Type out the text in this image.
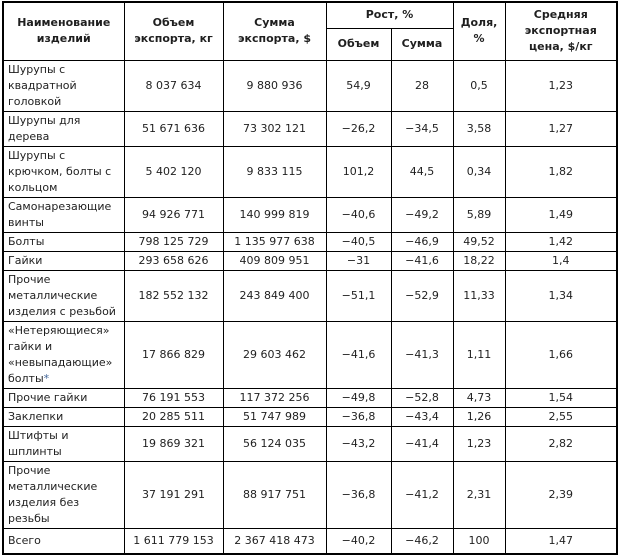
Наименование изделий	Объем экспорта, кг	Сумма экспорта, $	Рост, %		Доля, %	Средняя экспортная цена, $/кг
			Объем	Сумма		
Шурупы с квадратной головкой	8 037 634	9 880 936	54,9	28	0,5	1,23
Шурупы для дерева	51 671 636	73 302 121	−26,2	−34,5	3,58	1,27
Шурупы с крючком, болты с кольцом	5 402 120	9 833 115	101,2	44,5	0,34	1,82
Самонарезающие винты	94 926 771	140 999 819	−40,6	−49,2	5,89	1,49
Болты	798 125 729	1 135 977 638	−40,5	−46,9	49,52	1,42
Гайки	293 658 626	409 809 951	−31	−41,6	18,22	1,4
Прочие металлические изделия с резьбой	182 552 132	243 849 400	−51,1	−52,9	11,33	1,34
«Нетеряющиеся» гайки и «невыпадающие» болты*	17 866 829	29 603 462	−41,6	−41,3	1,11	1,66
Прочие гайки	76 191 553	117 372 256	−49,8	−52,8	4,73	1,54
Заклепки	20 285 511	51 747 989	−36,8	−43,4	1,26	2,55
Штифты и шплинты	19 869 321	56 124 035	−43,2	−41,4	1,23	2,82
Прочие металлические изделия без резьбы	37 191 291	88 917 751	−36,8	−41,2	2,31	2,39
Всего	1 611 779 153	2 367 418 473	−40,2	−46,2	100	1,47
